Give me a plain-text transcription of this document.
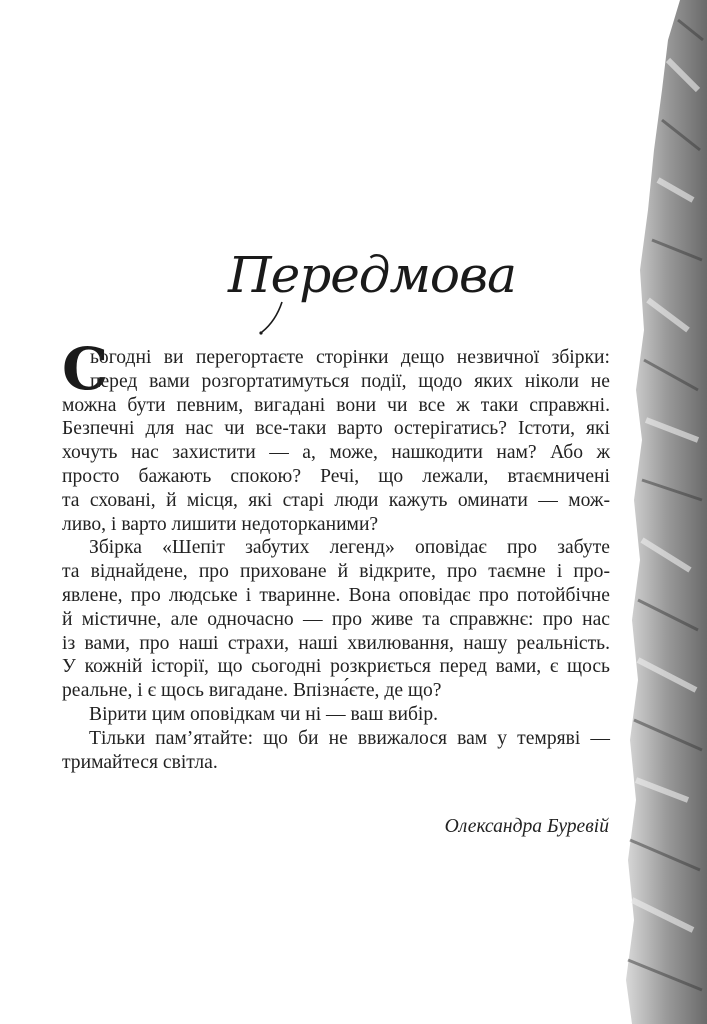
Передмова
С
ьогодні ви перегортаєте сторінки дещо незвичної збірки:
перед вами розгортатимуться події, щодо яких ніколи не
можна бути певним, вигадані вони чи все ж таки справжні.
Безпечні для нас чи все-таки варто остерігатись? Істоти, які
хочуть нас захистити — а, може, нашкодити нам? Або ж
просто бажають спокою? Речі, що лежали, втаємничені
та сховані, й місця, які старі люди кажуть оминати — мож-
ливо, і варто лишити недоторканими?
Збірка «Шепіт забутих легенд» оповідає про забуте
та віднайдене, про приховане й відкрите, про таємне і про-
явлене, про людське і тваринне. Вона оповідає про потойбічне
й містичне, але одночасно — про живе та справжнє: про нас
із вами, про наші страхи, наші хвилювання, нашу реальність.
У кожній історії, що сьогодні розкриється перед вами, є щось
реальне, і є щось вигадане. Впізна́єте, де що?
Вірити цим оповідкам чи ні — ваш вибір.
Тільки пам’ятайте: що би не ввижалося вам у темряві —
тримайтеся світла.
Олександра Буревій
